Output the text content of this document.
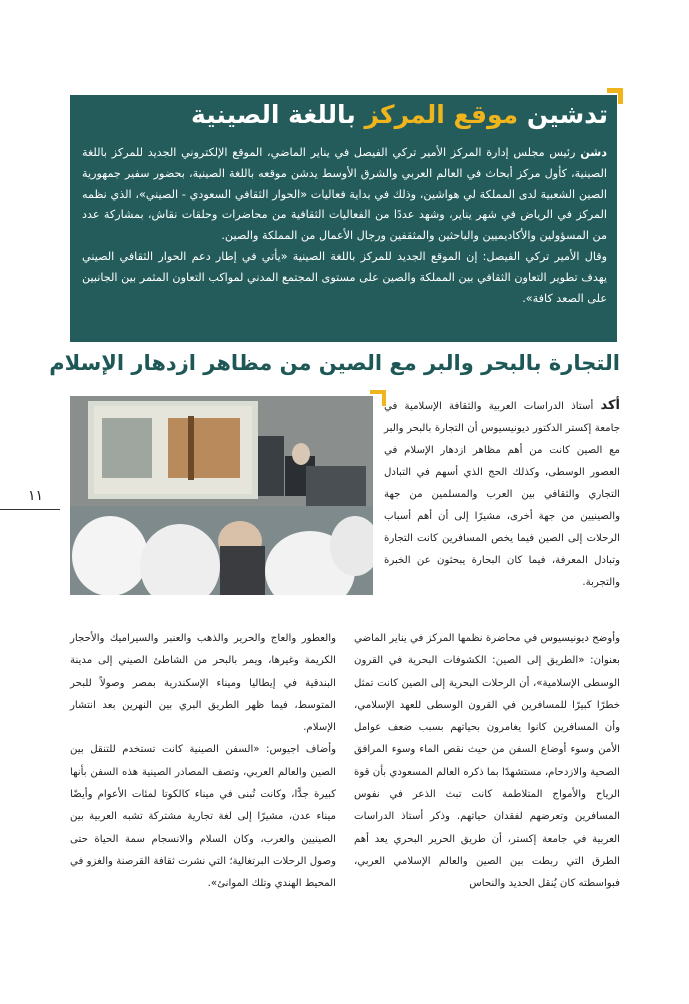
تدشين موقع المركز باللغة الصينية

دشن رئيس مجلس إدارة المركز الأمير تركي الفيصل في يناير الماضي، الموقع الإلكتروني الجديد للمركز باللغة الصينية، كأول مركز أبحاث في العالم العربي والشرق الأوسط يدشن موقعه باللغة الصينية، بحضور سفير جمهورية الصين الشعبية لدى المملكة لي هواشين، وذلك في بداية فعاليات «الحوار الثقافي السعودي - الصيني»، الذي نظمه المركز في الرياض في شهر يناير، وشهد عددًا من الفعاليات الثقافية من محاضرات وحلقات نقاش، بمشاركة عدد من المسؤولين والأكاديميين والباحثين والمثقفين ورجال الأعمال من المملكة والصين.

وقال الأمير تركي الفيصل: إن الموقع الجديد للمركز باللغة الصينية «يأتي في إطار دعم الحوار الثقافي الصيني يهدف تطوير التعاون الثقافي بين المملكة والصين على مستوى المجتمع المدني لمواكب التعاون المثمر بين الجانبين على الصعد كافة».

التجارة بالبحر والبر مع الصين من مظاهر ازدهار الإسلام

أكد أستاذ الدراسات العربية والثقافة الإسلامية في جامعة إكستر الدكتور ديونيسيوس أن التجارة بالبحر والبر مع الصين كانت من أهم مظاهر ازدهار الإسلام في العصور الوسطى، وكذلك الحج الذي أسهم في التبادل التجاري والثقافي بين العرب والمسلمين من جهة والصينيين من جهة أخرى، مشيرًا إلى أن أهم أسباب الرحلات إلى الصين فيما يخص المسافرين كانت التجارة وتبادل المعرفة، فيما كان البحارة يبحثون عن الخبرة والتجربة.

وأوضح ديونيسيوس في محاضرة نظمها المركز في يناير الماضي بعنوان: «الطريق إلى الصين: الكشوفات البحرية في القرون الوسطى الإسلامية»، أن الرحلات البحرية إلى الصين كانت تمثل خطرًا كبيرًا للمسافرين في القرون الوسطى للعهد الإسلامي، وأن المسافرين كانوا يغامرون بحياتهم بسبب ضعف عوامل الأمن وسوء أوضاع السفن من حيث نقص الماء وسوء المرافق الصحية والازدحام، مستشهدًا بما ذكره العالم المسعودي بأن قوة الرياح والأمواج المتلاطمة كانت تبث الذعر في نفوس المسافرين وتعرضهم لفقدان حياتهم. وذكر أستاذ الدراسات العربية في جامعة إكستر، أن طريق الحرير البحري يعد أهم الطرق التي ربطت بين الصين والعالم الإسلامي العربي، فبواسطته كان يُنقل الحديد والنحاس

والعطور والعاج والحرير والذهب والعنبر والسيراميك والأحجار الكريمة وغيرها، ويمر بالبحر من الشاطئ الصيني إلى مدينة البندقية في إيطاليا وميناء الإسكندرية بمصر وصولاً للبحر المتوسط، فيما ظهر الطريق البري بين النهرين بعد انتشار الإسلام.

وأضاف اجيوس: «السفن الصينية كانت تستخدم للتنقل بين الصين والعالم العربي، وتصف المصادر الصينية هذه السفن بأنها كبيرة جدًّا، وكانت تُبنى في ميناء كالكوتا لمئات الأعوام وأيضًا ميناء عدن، مشيرًا إلى لغة تجارية مشتركة تشبه العربية بين الصينيين والعرب، وكان السلام والانسجام سمة الحياة حتى وصول الرحلات البرتغالية؛ التي نشرت ثقافة القرصنة والغزو في المحيط الهندي وتلك الموانئ».

١١
